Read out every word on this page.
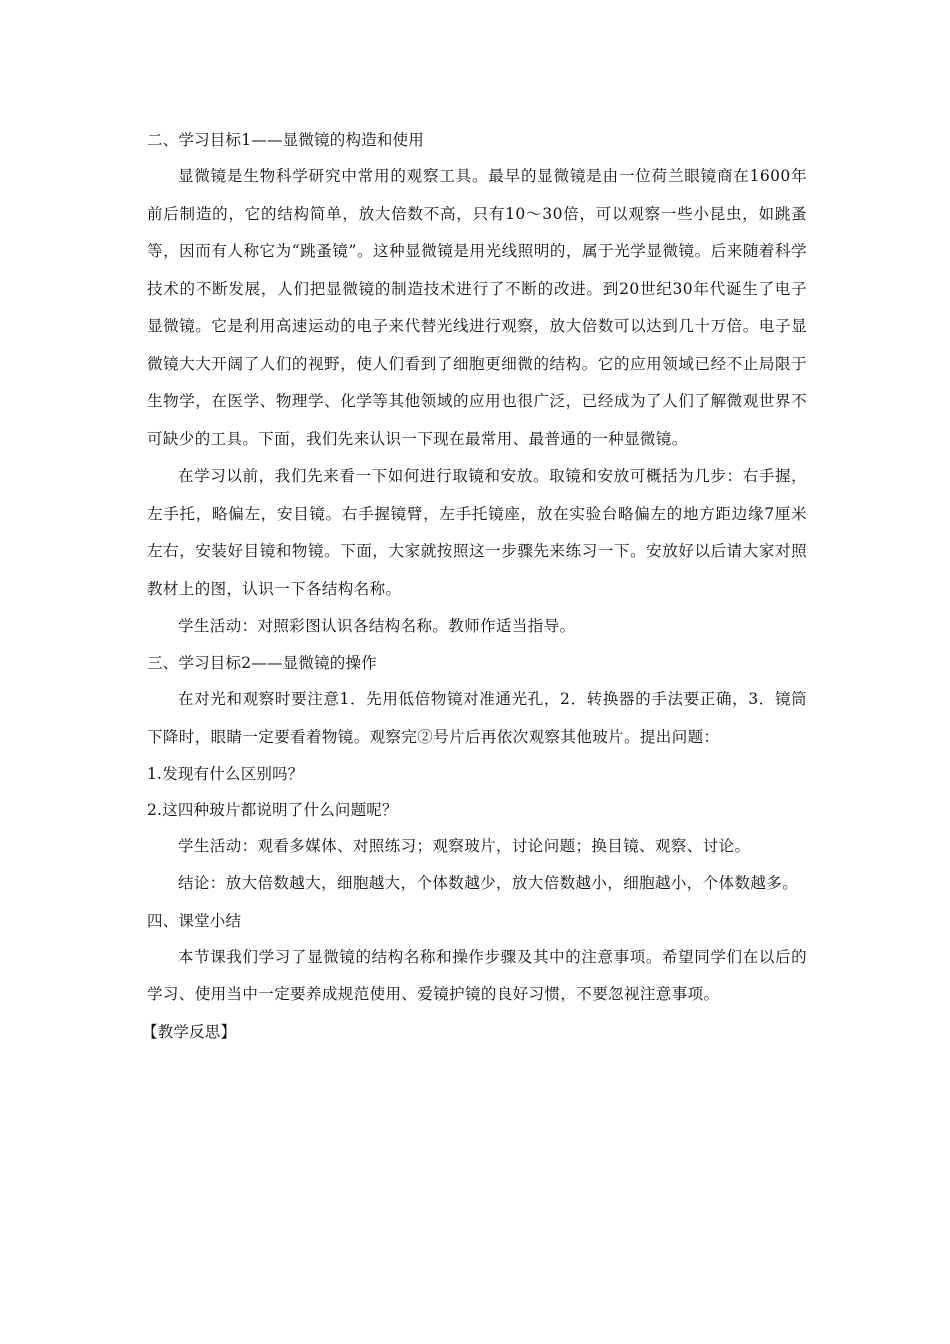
二、学习目标1——显微镜的构造和使用

显微镜是生物科学研究中常用的观察工具。最早的显微镜是由一位荷兰眼镜商在1600年前后制造的，它的结构简单，放大倍数不高，只有10～30倍，可以观察一些小昆虫，如跳蚤等，因而有人称它为“跳蚤镜”。这种显微镜是用光线照明的，属于光学显微镜。后来随着科学技术的不断发展，人们把显微镜的制造技术进行了不断的改进。到20世纪30年代诞生了电子显微镜。它是利用高速运动的电子来代替光线进行观察，放大倍数可以达到几十万倍。电子显微镜大大开阔了人们的视野，使人们看到了细胞更细微的结构。它的应用领域已经不止局限于生物学，在医学、物理学、化学等其他领域的应用也很广泛，已经成为了人们了解微观世界不可缺少的工具。下面，我们先来认识一下现在最常用、最普通的一种显微镜。

在学习以前，我们先来看一下如何进行取镜和安放。取镜和安放可概括为几步：右手握，左手托，略偏左，安目镜。右手握镜臂，左手托镜座，放在实验台略偏左的地方距边缘7厘米左右，安装好目镜和物镜。下面，大家就按照这一步骤先来练习一下。安放好以后请大家对照教材上的图，认识一下各结构名称。

学生活动：对照彩图认识各结构名称。教师作适当指导。

三、学习目标2——显微镜的操作

在对光和观察时要注意1．先用低倍物镜对准通光孔，2．转换器的手法要正确，3．镜筒下降时，眼睛一定要看着物镜。观察完②号片后再依次观察其他玻片。提出问题：

1.发现有什么区别吗？
2.这四种玻片都说明了什么问题呢？

学生活动：观看多媒体、对照练习；观察玻片，讨论问题；换目镜、观察、讨论。

结论：放大倍数越大，细胞越大，个体数越少，放大倍数越小，细胞越小，个体数越多。

四、课堂小结

本节课我们学习了显微镜的结构名称和操作步骤及其中的注意事项。希望同学们在以后的学习、使用当中一定要养成规范使用、爱镜护镜的良好习惯，不要忽视注意事项。

【教学反思】
